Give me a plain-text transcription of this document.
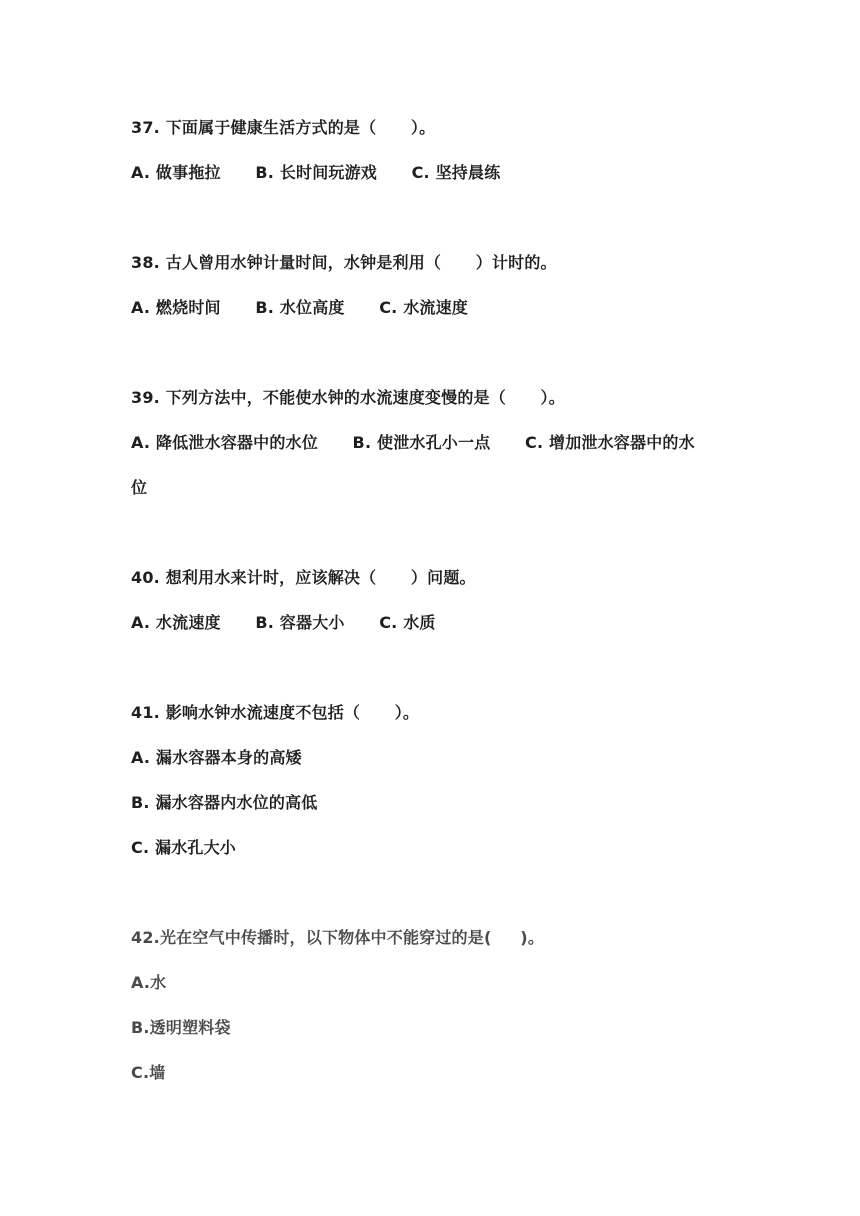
37. 下面属于健康生活方式的是（      ）。
A. 做事拖拉      B. 长时间玩游戏      C. 坚持晨练
38. 古人曾用水钟计量时间，水钟是利用（      ）计时的。
A. 燃烧时间      B. 水位高度      C. 水流速度
39. 下列方法中，不能使水钟的水流速度变慢的是（      ）。
A. 降低泄水容器中的水位      B. 使泄水孔小一点      C. 增加泄水容器中的水
位
40. 想利用水来计时，应该解决（      ）问题。
A. 水流速度      B. 容器大小      C. 水质
41. 影响水钟水流速度不包括（      ）。
A. 漏水容器本身的高矮
B. 漏水容器内水位的高低
C. 漏水孔大小
42.光在空气中传播时，以下物体中不能穿过的是(     )。
A.水
B.透明塑料袋
C.墙
